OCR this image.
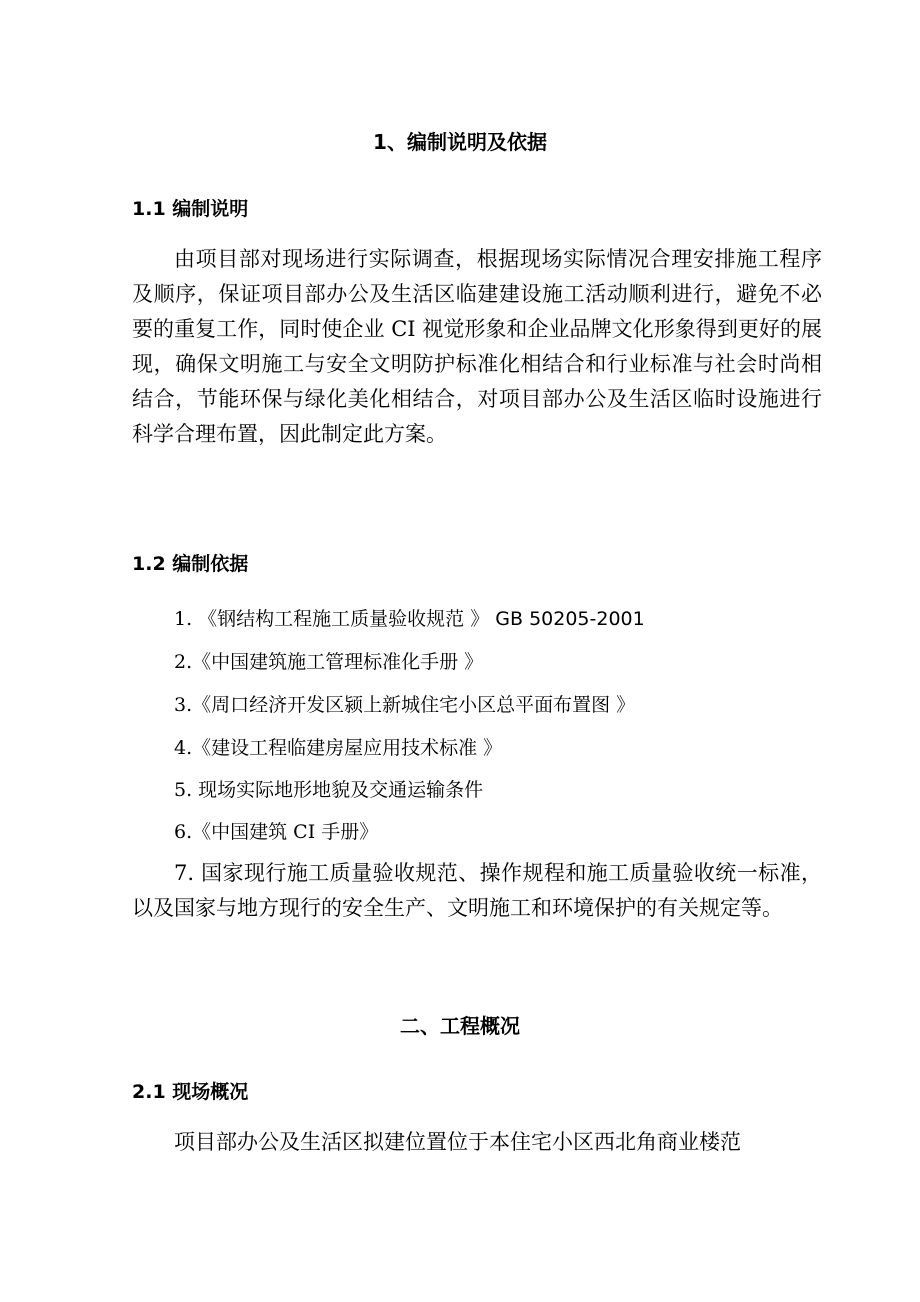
1、编制说明及依据
1.1 编制说明

由项目部对现场进行实际调查，根据现场实际情况合理安排施工程序及顺序，保证项目部办公及生活区临建建设施工活动顺利进行，避免不必要的重复工作，同时使企业 CI 视觉形象和企业品牌文化形象得到更好的展现，确保文明施工与安全文明防护标准化相结合和行业标准与社会时尚相结合，节能环保与绿化美化相结合，对项目部办公及生活区临时设施进行科学合理布置，因此制定此方案。

1.2 编制依据
1. 《钢结构工程施工质量验收规范 》 GB 50205-2001
2.《中国建筑施工管理标准化手册 》
3.《周口经济开发区颍上新城住宅小区总平面布置图 》
4.《建设工程临建房屋应用技术标准 》
5. 现场实际地形地貌及交通运输条件
6.《中国建筑 CI 手册》

7. 国家现行施工质量验收规范、操作规程和施工质量验收统一标准，以及国家与地方现行的安全生产、文明施工和环境保护的有关规定等。

二、工程概况
2.1 现场概况

项目部办公及生活区拟建位置位于本住宅小区西北角商业楼范
